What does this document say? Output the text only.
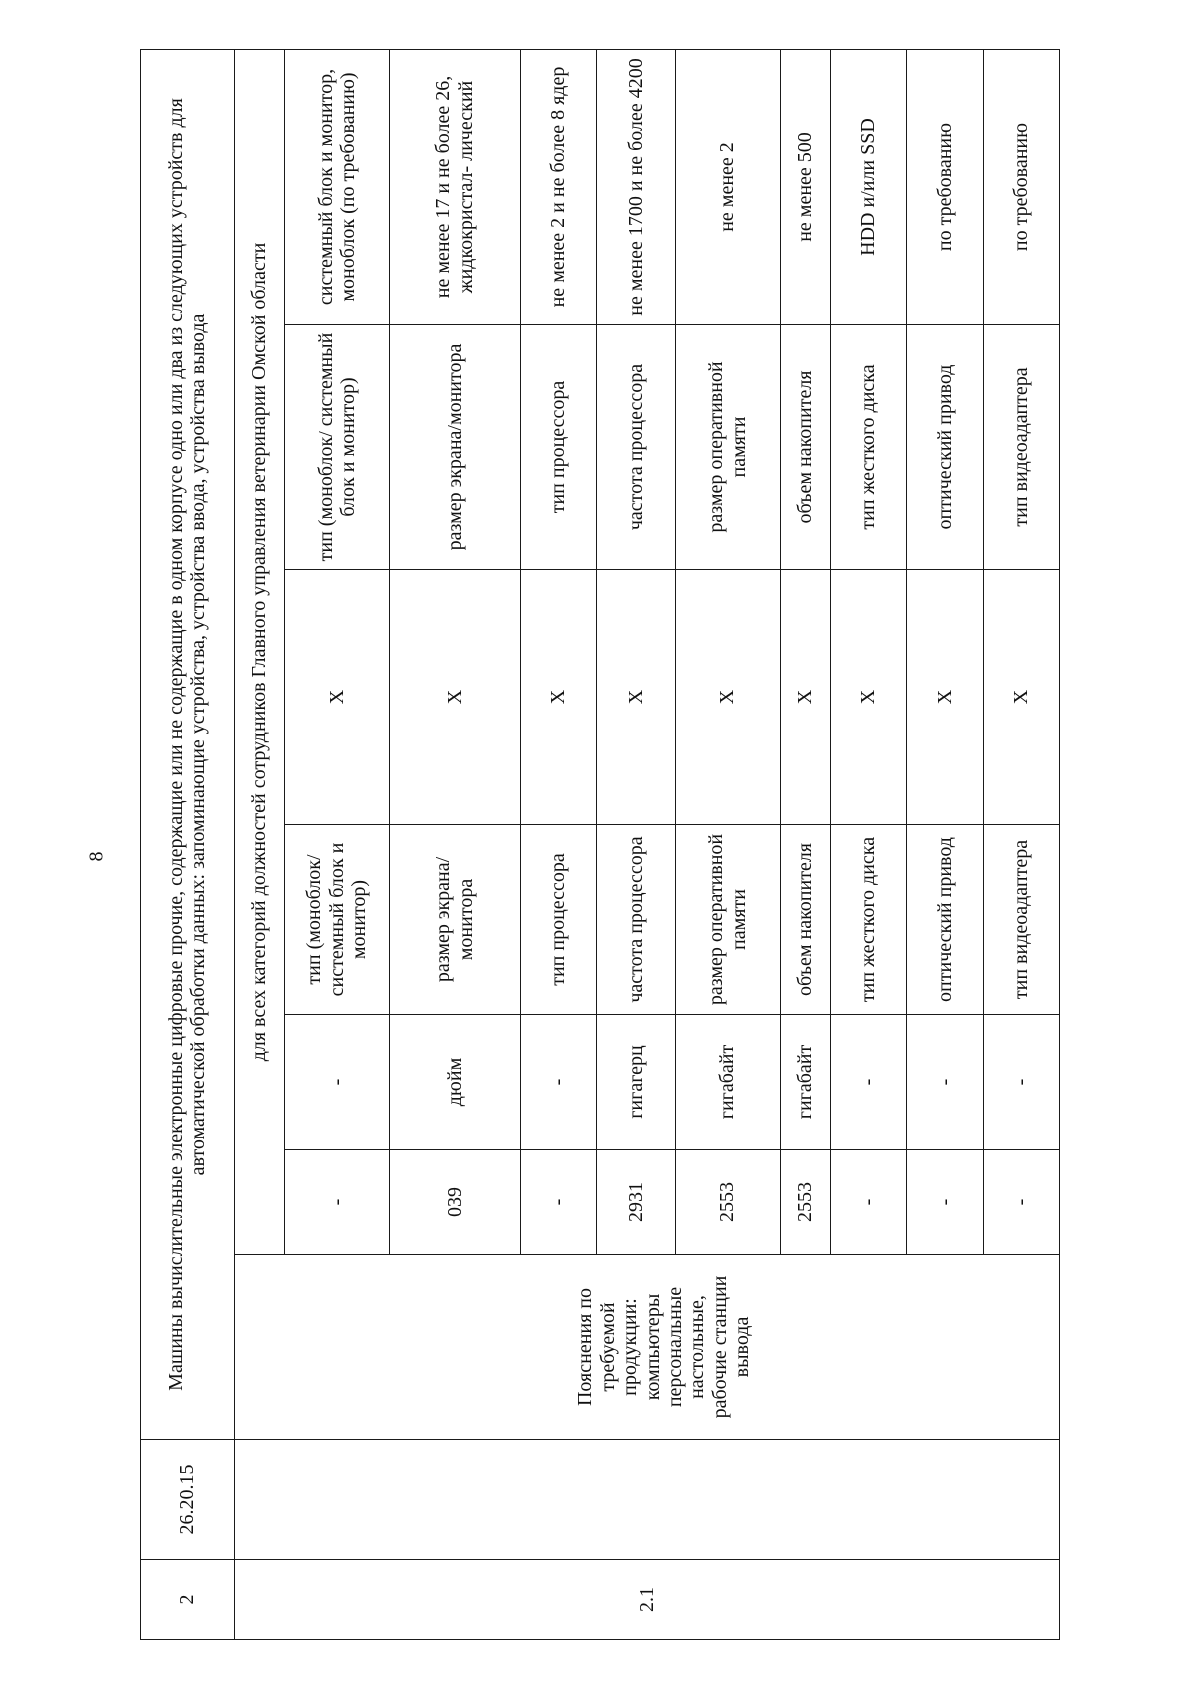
8
2	26.20.15	Машины вычислительные электронные цифровые прочие, содержащие или не содержащие в одном корпусе одно или два из следующих устройств для автоматической обработки данных: запоминающие устройства, устройства ввода, устройства вывода						
2.1		Пояснения по требуемой продукции: компьютеры персональные настольные, рабочие станции вывода	для всех категорий должностей сотрудников Главного управления ветеринарии Омской области					
			-	-	тип (моноблок/ системный блок и монитор)	X	тип (моноблок/ системный блок и монитор)	системный блок и монитор, моноблок (по требованию)
			039	дюйм	размер экрана/монитора	X	размер экрана/монитора	не менее 17 и не более 26, жидкокристал- лический
			-	-	тип процессора	X	тип процессора	не менее 2 и не более 8 ядер
			2931	гигагерц	частота процессора	X	частота процессора	не менее 1700 и не более 4200
			2553	гигабайт	размер оперативной памяти	X	размер оперативной памяти	не менее 2
			2553	гигабайт	объем накопителя	X	объем накопителя	не менее 500
			-	-	тип жесткого диска	X	тип жесткого диска	HDD и/или SSD
			-	-	оптический привод	X	оптический привод	по требованию
			-	-	тип видеоадаптера	X	тип видеоадаптера	по требованию
